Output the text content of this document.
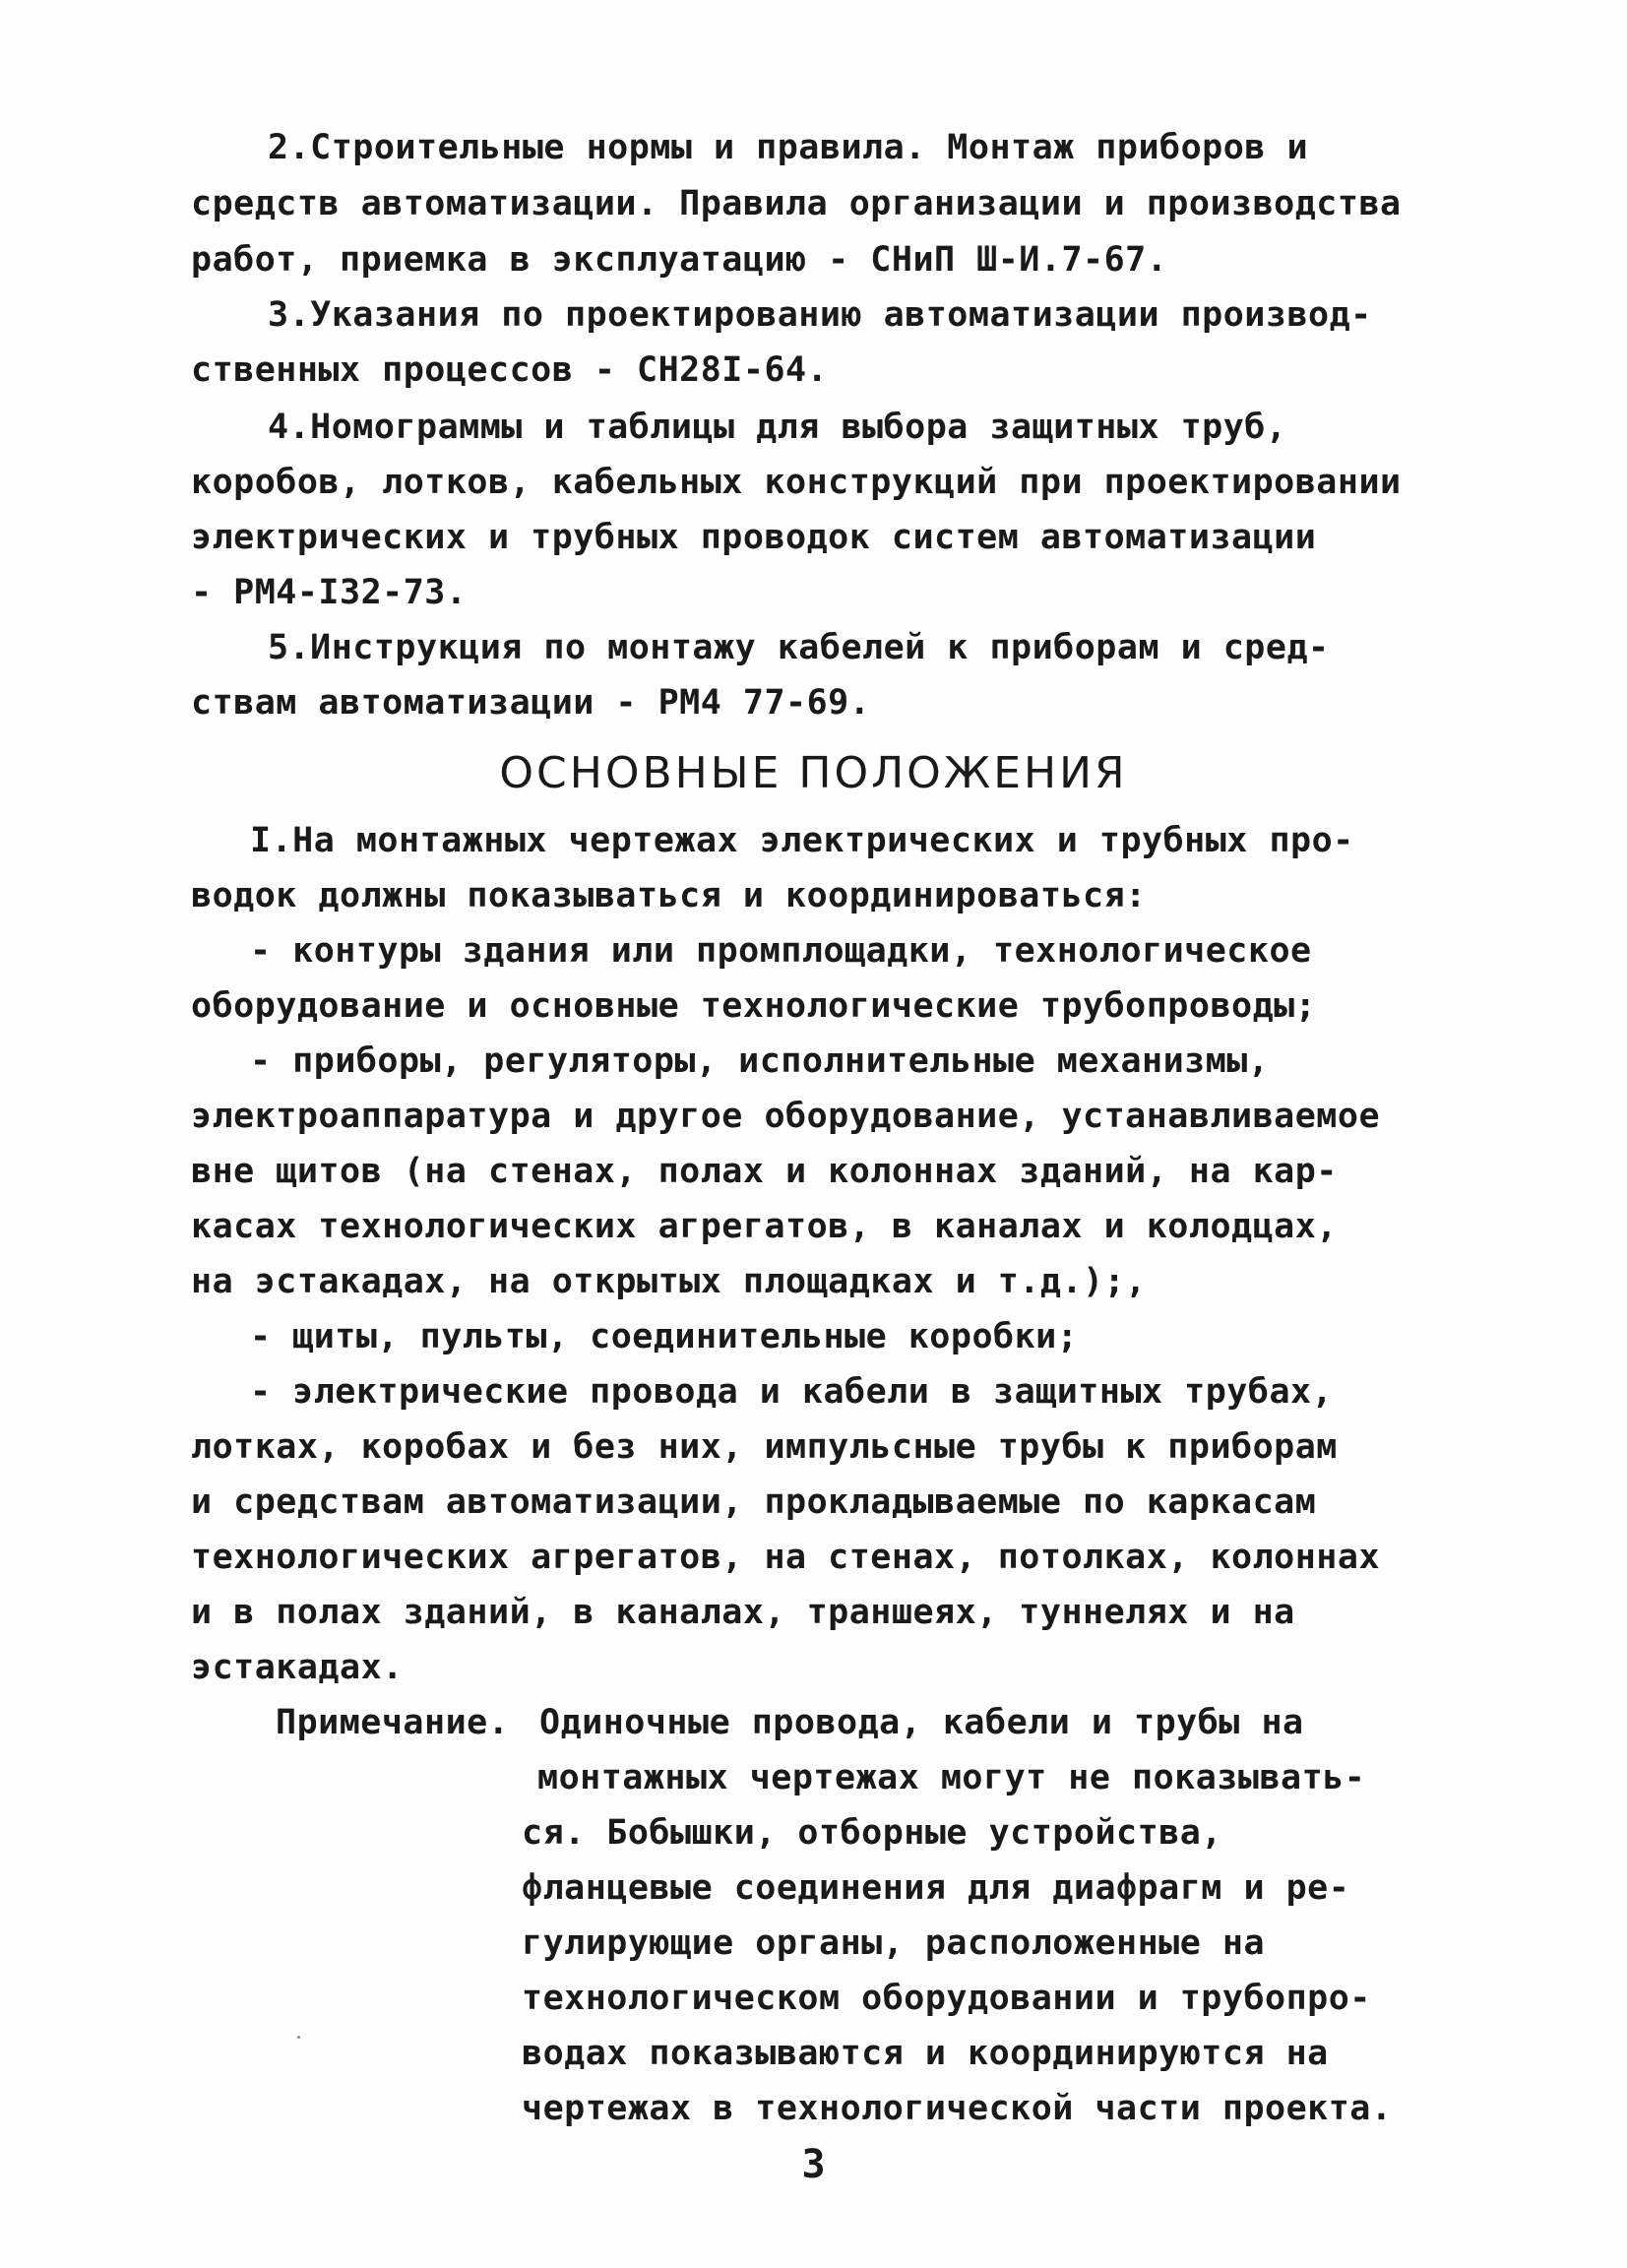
2.Строительные нормы и правила. Монтаж приборов и

средств автоматизации. Правила организации и производства

работ, приемка в эксплуатацию - СНиП Ш-И.7-67.

3.Указания по проектированию автоматизации производ-

ственных процессов - СН28I-64.

4.Номограммы и таблицы для выбора защитных труб,

коробов, лотков, кабельных конструкций при проектировании

электрических и трубных проводок систем автоматизации

- РМ4-I32-73.

5.Инструкция по монтажу кабелей к приборам и сред-

ствам автоматизации - РМ4 77-69.

ОСНОВНЫЕ ПОЛОЖЕНИЯ

I.На монтажных чертежах электрических и трубных про-

водок должны показываться и координироваться:

- контуры здания или промплощадки, технологическое

оборудование и основные технологические трубопроводы;

- приборы, регуляторы, исполнительные механизмы,

электроаппаратура и другое оборудование, устанавливаемое

вне щитов (на стенах, полах и колоннах зданий, на кар-

касах технологических агрегатов, в каналах и колодцах,

на эстакадах, на открытых площадках и т.д.);,

- щиты, пульты, соединительные коробки;

- электрические провода и кабели в защитных трубах,

лотках, коробах и без них, импульсные трубы к приборам

и средствам автоматизации, прокладываемые по каркасам

технологических агрегатов, на стенах, потолках, колоннах

и в полах зданий, в каналах, траншеях, туннелях и на

эстакадах.

Примечание. Одиночные провода, кабели и трубы на

монтажных чертежах могут не показывать-

ся. Бобышки, отборные устройства,

фланцевые соединения для диафрагм и ре-

гулирующие органы, расположенные на

технологическом оборудовании и трубопро-

водах показываются и координируются на

чертежах в технологической части проекта.

3
